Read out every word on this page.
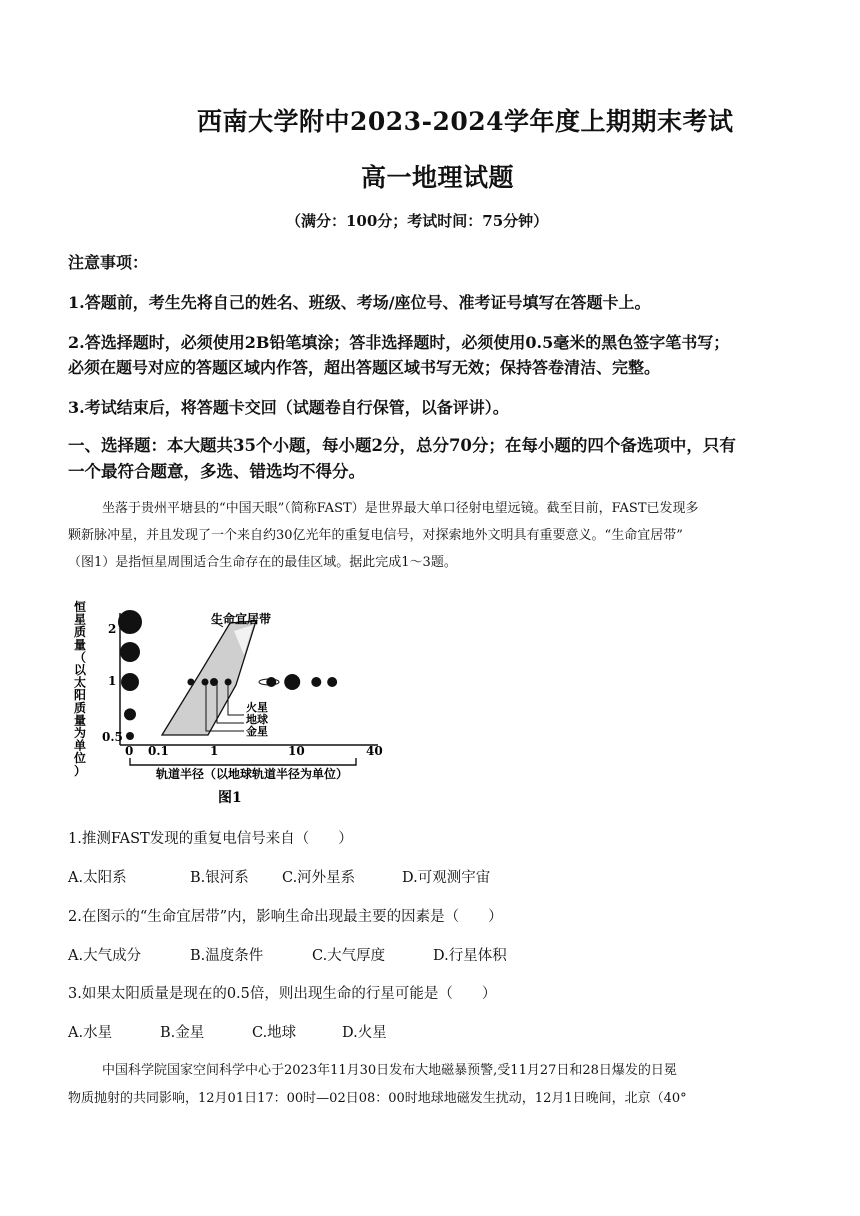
西南大学附中2023-2024学年度上期期末考试
高一地理试题
（满分：100分；考试时间：75分钟）
注意事项：
1.答题前，考生先将自己的姓名、班级、考场/座位号、准考证号填写在答题卡上。
2.答选择题时，必须使用2B铅笔填涂；答非选择题时，必须使用0.5毫米的黑色签字笔书写；
必须在题号对应的答题区域内作答，超出答题区域书写无效；保持答卷清洁、完整。
3.考试结束后，将答题卡交回（试题卷自行保管，以备评讲）。
一、选择题：本大题共35个小题，每小题2分，总分70分；在每小题的四个备选项中，只有
一个最符合题意，多选、错选均不得分。
坐落于贵州平塘县的“中国天眼”（简称FAST）是世界最大单口径射电望远镜。截至目前，FAST已发现多
颗新脉冲星，并且发现了一个来自约30亿光年的重复电信号，对探索地外文明具有重要意义。“生命宜居带”
（图1）是指恒星周围适合生命存在的最佳区域。据此完成1～3题。
恒
星
质
量
（
以
太
阳
质
量
为
单
位
）
2
1
0.5
0 0.1	1	10	40
轨道半径（以地球轨道半径为单位）
生命宜居带
火星
地球
金星
图1
1.推测FAST发现的重复电信号来自（　　）
A.太阳系	B.银河系 C.河外星系	D.可观测宇宙
2.在图示的“生命宜居带”内，影响生命出现最主要的因素是（　　）
A.大气成分	B.温度条件	C.大气厚度	D.行星体积
3.如果太阳质量是现在的0.5倍，则出现生命的行星可能是（　　）
A.水星	B.金星	C.地球	D.火星
中国科学院国家空间科学中心于2023年11月30日发布大地磁暴预警,受11月27日和28日爆发的日冕
物质抛射的共同影响，12月01日17：00时—02日08：00时地球地磁发生扰动，12月1日晚间，北京（40°
